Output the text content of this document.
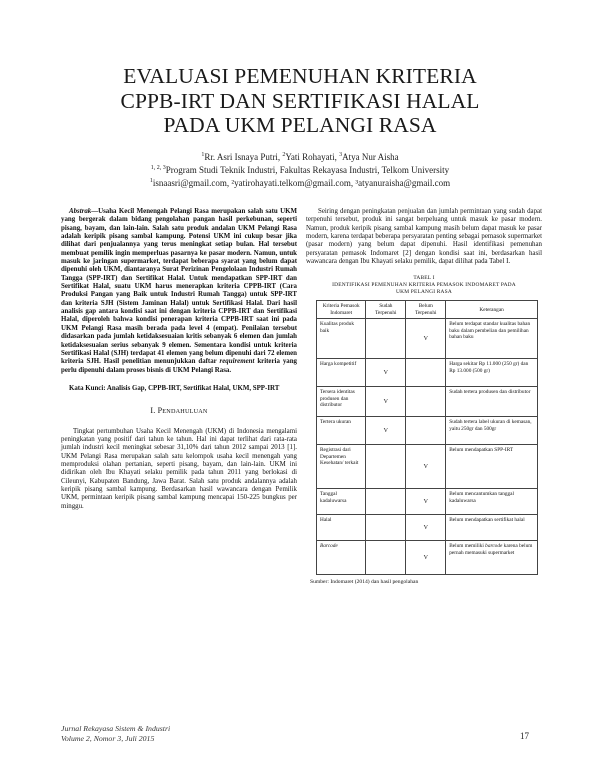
EVALUASI PEMENUHAN KRITERIA
CPPB-IRT DAN SERTIFIKASI HALAL
PADA UKM PELANGI RASA
$^1$Rr. Asri Isnaya Putri, $^2$Yati Rohayati, $^3$Atya Nur Aisha
$^{1, 2, 3}$Program Studi Teknik Industri, Fakultas Rekayasa Industri, Telkom University
$^1$isnaasri@gmail.com, ²yatirohayati.telkom@gmail.com, ³atyanuraisha@gmail.com

Abstrak—Usaha Kecil Menengah Pelangi Rasa merupakan salah satu UKM yang bergerak dalam bidang pengolahan pangan hasil perkebunan, seperti pisang, bayam, dan lain-lain. Salah satu produk andalan UKM Pelangi Rasa adalah keripik pisang sambal kampung. Potensi UKM ini cukup besar jika dilihat dari penjualannya yang terus meningkat setiap bulan. Hal tersebut membuat pemilik ingin memperluas pasarnya ke pasar modern. Namun, untuk masuk ke jaringan supermarket, terdapat beberapa syarat yang belum dapat dipenuhi oleh UKM, diantaranya Surat Perizinan Pengelolaan Industri Rumah Tangga (SPP-IRT) dan Sertifikat Halal. Untuk mendapatkan SPP-IRT dan Sertifikat Halal, suatu UKM harus menerapkan kriteria CPPB-IRT (Cara Produksi Pangan yang Baik untuk Industri Rumah Tangga) untuk SPP-IRT dan kriteria SJH (Sistem Jaminan Halal) untuk Sertifikasi Halal. Dari hasil analisis gap antara kondisi saat ini dengan kriteria CPPB-IRT dan Sertifikasi Halal, diperoleh bahwa kondisi penerapan kriteria CPPB-IRT saat ini pada UKM Pelangi Rasa masih berada pada level 4 (empat). Penilaian tersebut didasarkan pada jumlah ketidaksesuaian kritis sebanyak 6 elemen dan jumlah ketidaksesuaian serius sebanyak 9 elemen. Sementara kondisi untuk kriteria Sertifikasi Halal (SJH) terdapat 41 elemen yang belum dipenuhi dari 72 elemen kriteria SJH. Hasil penelitian menunjukkan daftar requirement kriteria yang perlu dipenuhi dalam proses bisnis di UKM Pelangi Rasa.

Kata Kunci: Analisis Gap, CPPB-IRT, Sertifikat Halal, UKM, SPP-IRT
I. PENDAHULUAN

Tingkat pertumbuhan Usaha Kecil Menengah (UKM) di Indonesia mengalami peningkatan yang positif dari tahun ke tahun. Hal ini dapat terlihat dari rata-rata jumlah industri kecil meningkat sebesar 31,10% dari tahun 2012 sampai 2013 [1]. UKM Pelangi Rasa merupakan salah satu kelompok usaha kecil menengah yang memproduksi olahan pertanian, seperti pisang, bayam, dan lain-lain. UKM ini didirikan oleh Ibu Khayati selaku pemilik pada tahun 2011 yang berlokasi di Cileunyi, Kabupaten Bandung, Jawa Barat. Salah satu produk andalannya adalah keripik pisang sambal kampung. Berdasarkan hasil wawancara dengan Pemilik UKM, permintaan keripik pisang sambal kampung mencapai 150-225 bungkus per minggu.

Seiring dengan peningkatan penjualan dan jumlah permintaan yang sudah dapat terpenuhi tersebut, produk ini sangat berpeluang untuk masuk ke pasar modern. Namun, produk keripik pisang sambal kampung masih belum dapat masuk ke pasar modern, karena terdapat beberapa persyaratan penting sebagai pemasok supermarket (pasar modern) yang belum dapat dipenuhi. Hasil identifikasi pemenuhan persyaratan pemasok Indomaret [2] dengan kondisi saat ini, berdasarkan hasil wawancara dengan Ibu Khayati selaku pemilik, dapat dilihat pada Tabel I.

TABEL I
IDENTIFIKASI PEMENUHAN KRITERIA PEMASOK INDOMARET PADA
UKM PELANGI RASA
Kriteria Pemasok Indomaret	Sudah Terpenuhi	Belum Terpenuhi	Keterangan
Kualitas produk baik		V	Belum terdapat standar kualitas bahan baku dalam pembelian dan pemilihan bahan baku
Harga kompetitif	V		Harga sekitar Rp 11.000 (250 gr) dan Rp 13.000 (500 gr)
Tersera identitas produsen dan distributor	V		Sudah tertera produsen dan distributor
Tertera ukuran	V		Sudah tertera label ukuran di kemasan, yaitu 250gr dan 500gr
Registrasi dari Departemen Kesehatan/ terkait		V	Belum mendapatkan SPP-IRT
Tanggal kadaluwarsa		V	Belum mencantumkan tanggal kadaluwarsa
Halal		V	Belum mendapatkan sertifikat halal
Barcode		V	Belum memiliki barcode karena belum pernah memasuki supermarket
Sumber: Indomaret (2014) dan hasil pengolahan
Jurnal Rekayasa Sistem & Industri
Volume 2, Nomor 3, Juli 2015	17
